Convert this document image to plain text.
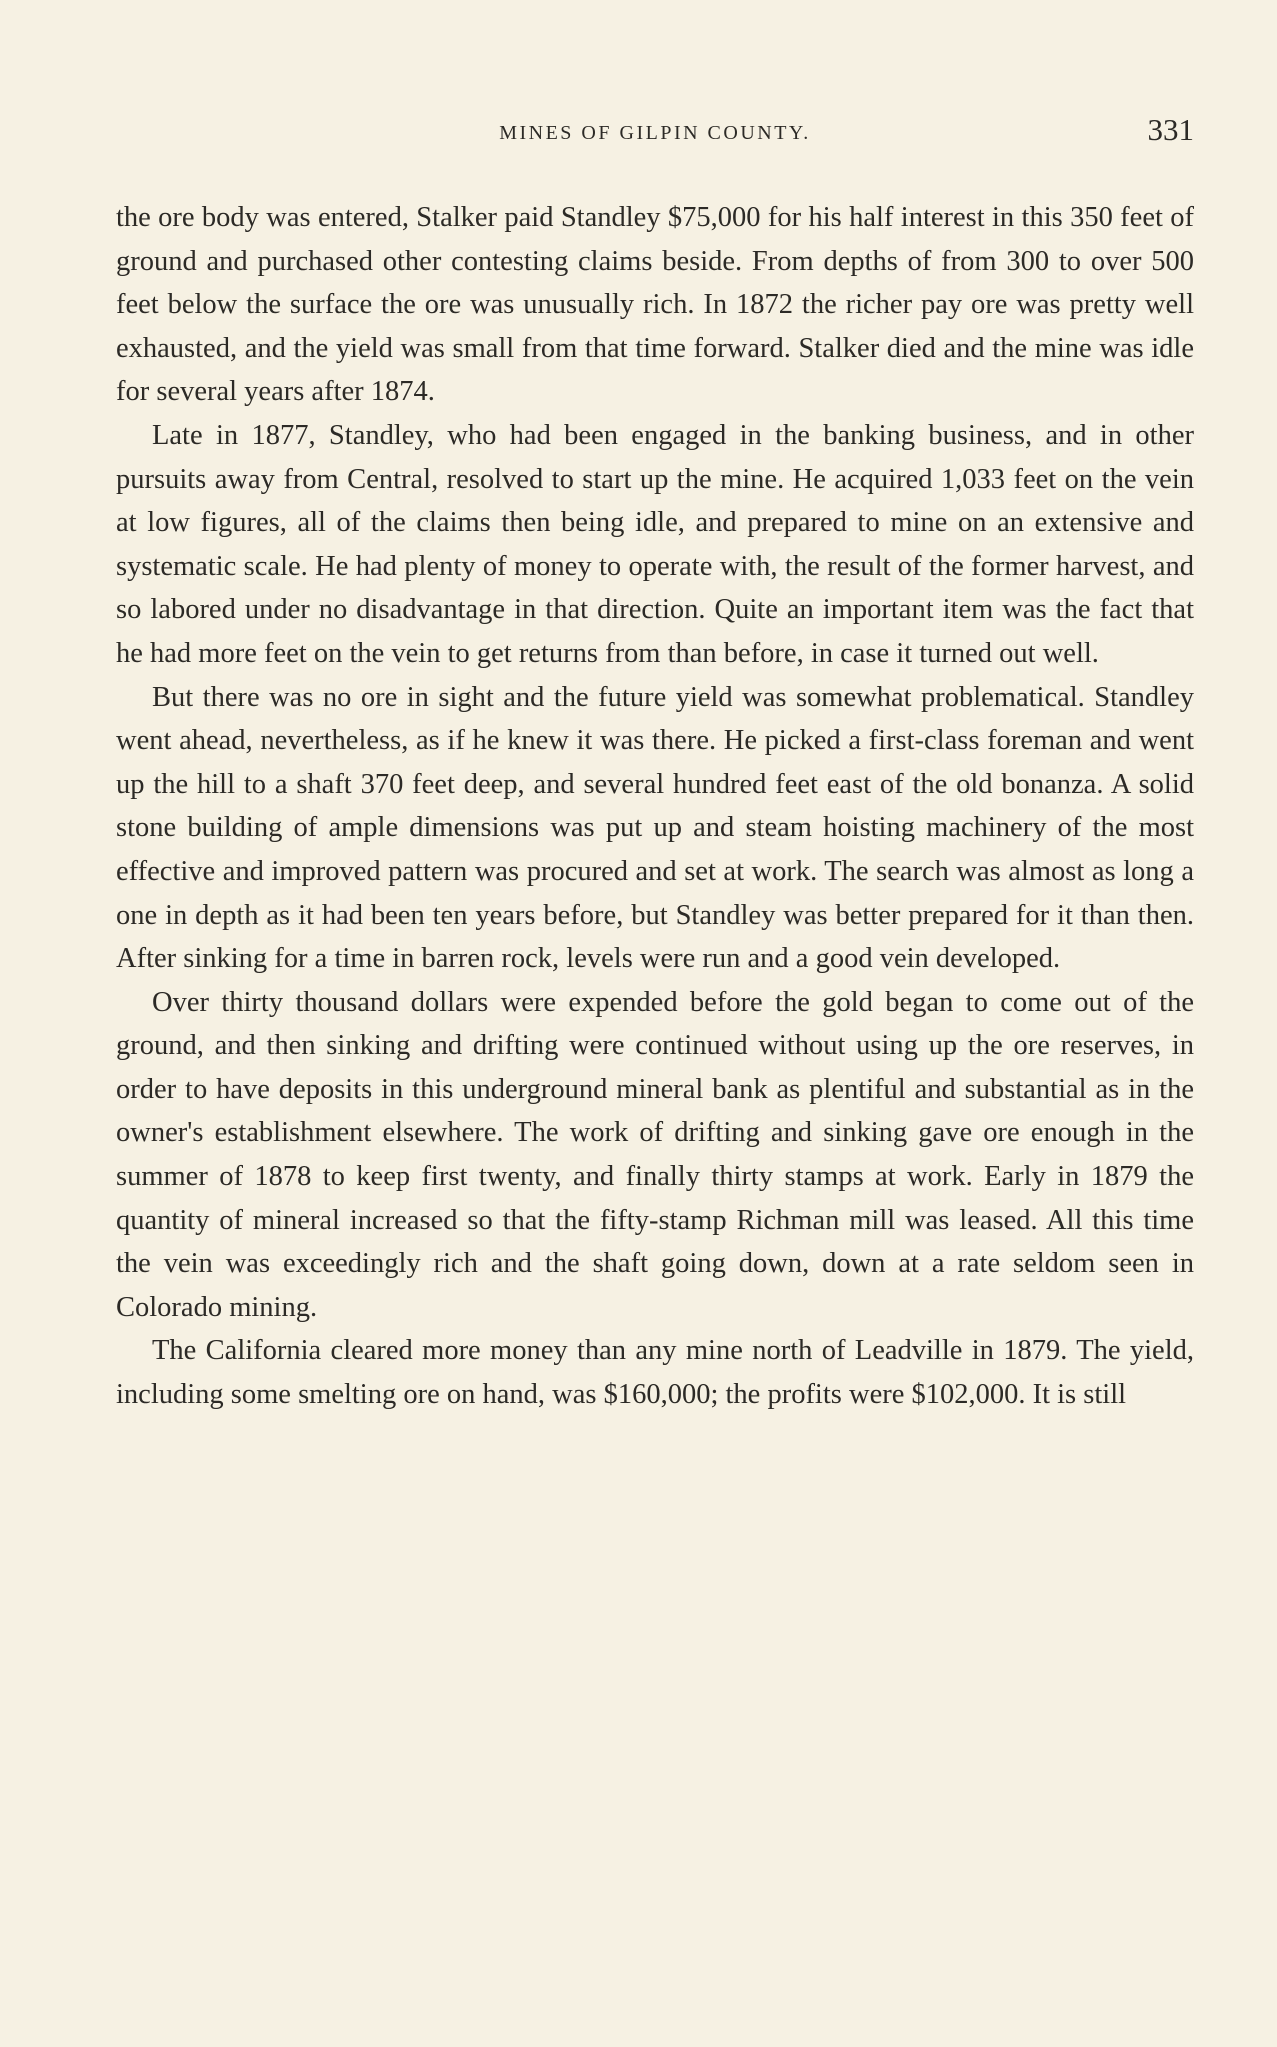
MINES OF GILPIN COUNTY.	331

the ore body was entered, Stalker paid Standley $75,000 for his half interest in this 350 feet of ground and purchased other contesting claims beside. From depths of from 300 to over 500 feet below the surface the ore was unusually rich. In 1872 the richer pay ore was pretty well exhausted, and the yield was small from that time forward. Stalker died and the mine was idle for several years after 1874.

Late in 1877, Standley, who had been engaged in the banking business, and in other pursuits away from Central, resolved to start up the mine. He acquired 1,033 feet on the vein at low figures, all of the claims then being idle, and prepared to mine on an extensive and systematic scale. He had plenty of money to operate with, the result of the former harvest, and so labored under no disadvantage in that direction. Quite an important item was the fact that he had more feet on the vein to get returns from than before, in case it turned out well.

But there was no ore in sight and the future yield was somewhat problematical. Standley went ahead, nevertheless, as if he knew it was there. He picked a first-class foreman and went up the hill to a shaft 370 feet deep, and several hundred feet east of the old bonanza. A solid stone building of ample dimensions was put up and steam hoisting machinery of the most effective and improved pattern was procured and set at work. The search was almost as long a one in depth as it had been ten years before, but Standley was better prepared for it than then. After sinking for a time in barren rock, levels were run and a good vein developed.

Over thirty thousand dollars were expended before the gold began to come out of the ground, and then sinking and drifting were continued without using up the ore reserves, in order to have deposits in this underground mineral bank as plentiful and substantial as in the owner's establishment elsewhere. The work of drifting and sinking gave ore enough in the summer of 1878 to keep first twenty, and finally thirty stamps at work. Early in 1879 the quantity of mineral increased so that the fifty-stamp Richman mill was leased. All this time the vein was exceedingly rich and the shaft going down, down at a rate seldom seen in Colorado mining.

The California cleared more money than any mine north of Leadville in 1879. The yield, including some smelting ore on hand, was $160,000; the profits were $102,000. It is still
